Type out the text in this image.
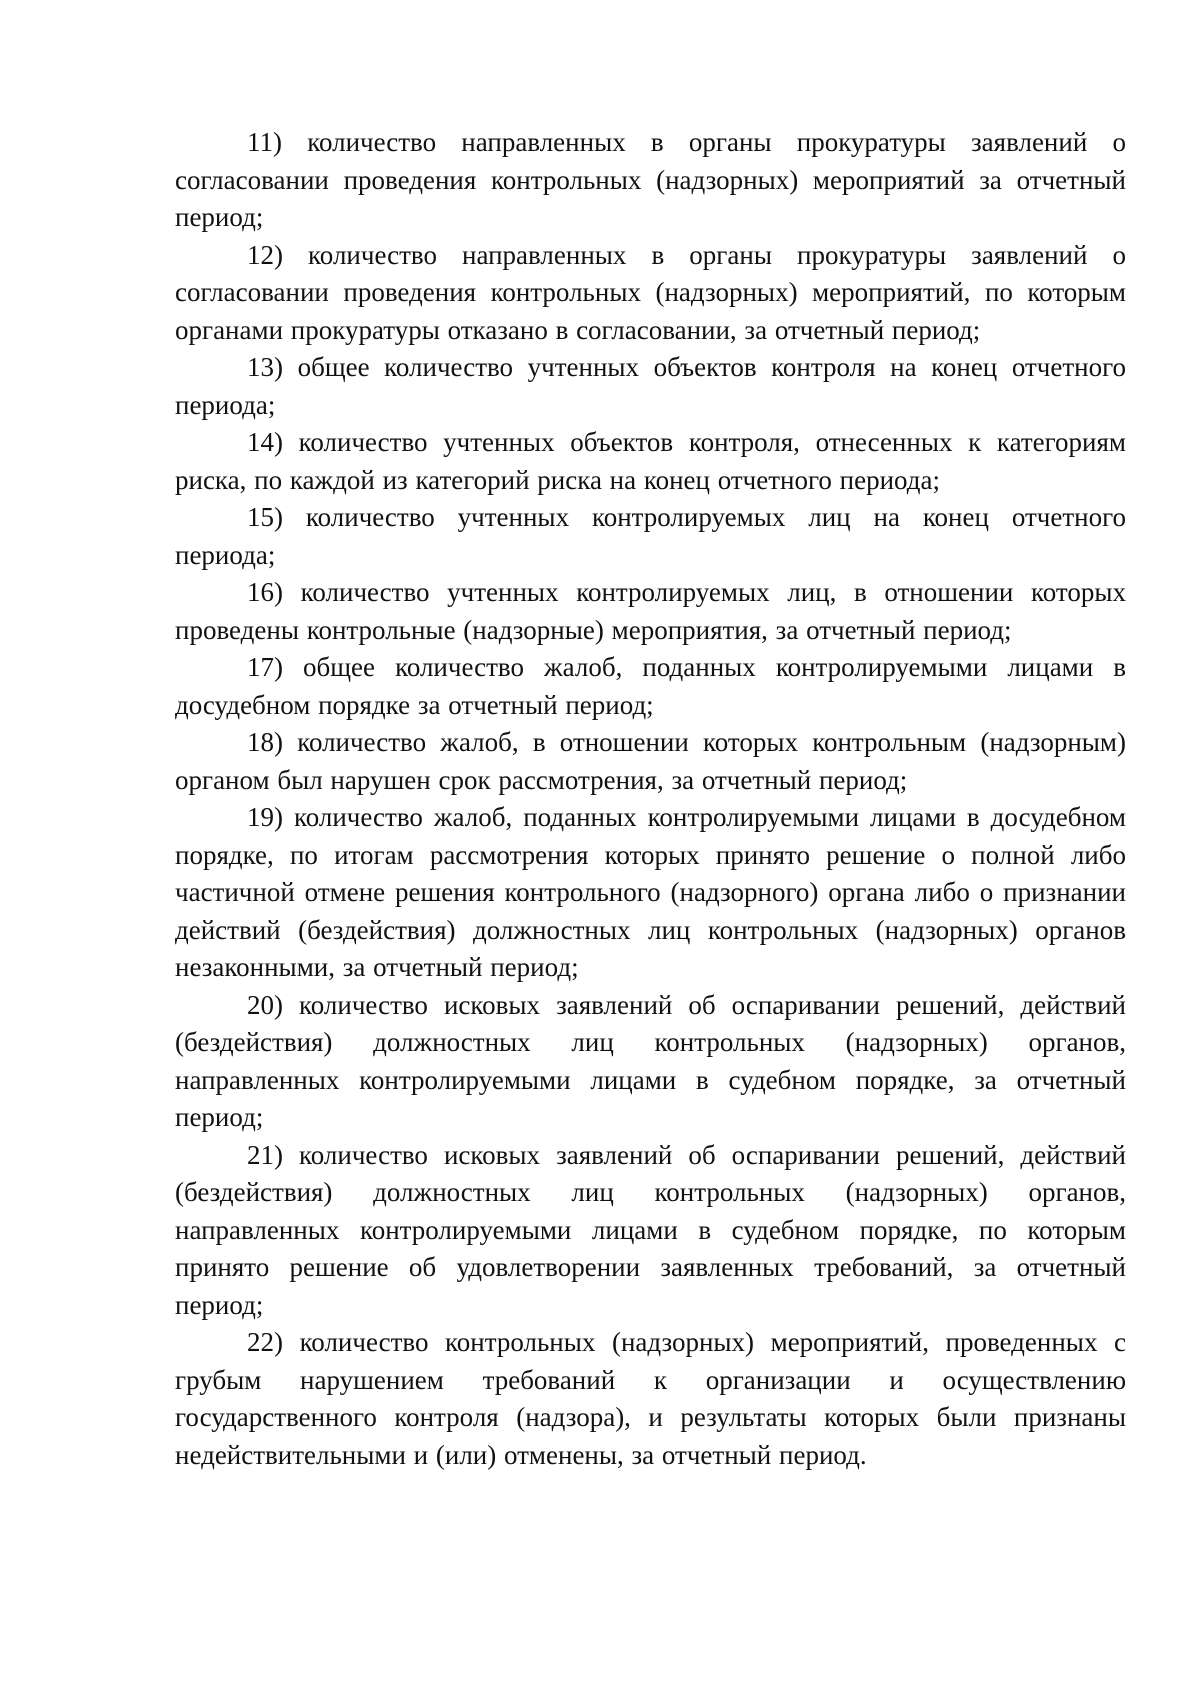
11) количество направленных в органы прокуратуры заявлений о согласовании проведения контрольных (надзорных) мероприятий за отчетный период;

12) количество направленных в органы прокуратуры заявлений о согласовании проведения контрольных (надзорных) мероприятий, по которым органами прокуратуры отказано в согласовании, за отчетный период;

13) общее количество учтенных объектов контроля на конец отчетного периода;

14) количество учтенных объектов контроля, отнесенных к категориям риска, по каждой из категорий риска на конец отчетного периода;

15) количество учтенных контролируемых лиц на конец отчетного периода;

16) количество учтенных контролируемых лиц, в отношении которых проведены контрольные (надзорные) мероприятия, за отчетный период;

17) общее количество жалоб, поданных контролируемыми лицами в досудебном порядке за отчетный период;

18) количество жалоб, в отношении которых контрольным (надзорным) органом был нарушен срок рассмотрения, за отчетный период;

19) количество жалоб, поданных контролируемыми лицами в досудебном порядке, по итогам рассмотрения которых принято решение о полной либо частичной отмене решения контрольного (надзорного) органа либо о признании действий (бездействия) должностных лиц контрольных (надзорных) органов незаконными, за отчетный период;

20) количество исковых заявлений об оспаривании решений, действий (бездействия) должностных лиц контрольных (надзорных) органов, направленных контролируемыми лицами в судебном порядке, за отчетный период;

21) количество исковых заявлений об оспаривании решений, действий (бездействия) должностных лиц контрольных (надзорных) органов, направленных контролируемыми лицами в судебном порядке, по которым принято решение об удовлетворении заявленных требований, за отчетный период;

22) количество контрольных (надзорных) мероприятий, проведенных с грубым нарушением требований к организации и осуществлению государственного контроля (надзора), и результаты которых были признаны недействительными и (или) отменены, за отчетный период.
